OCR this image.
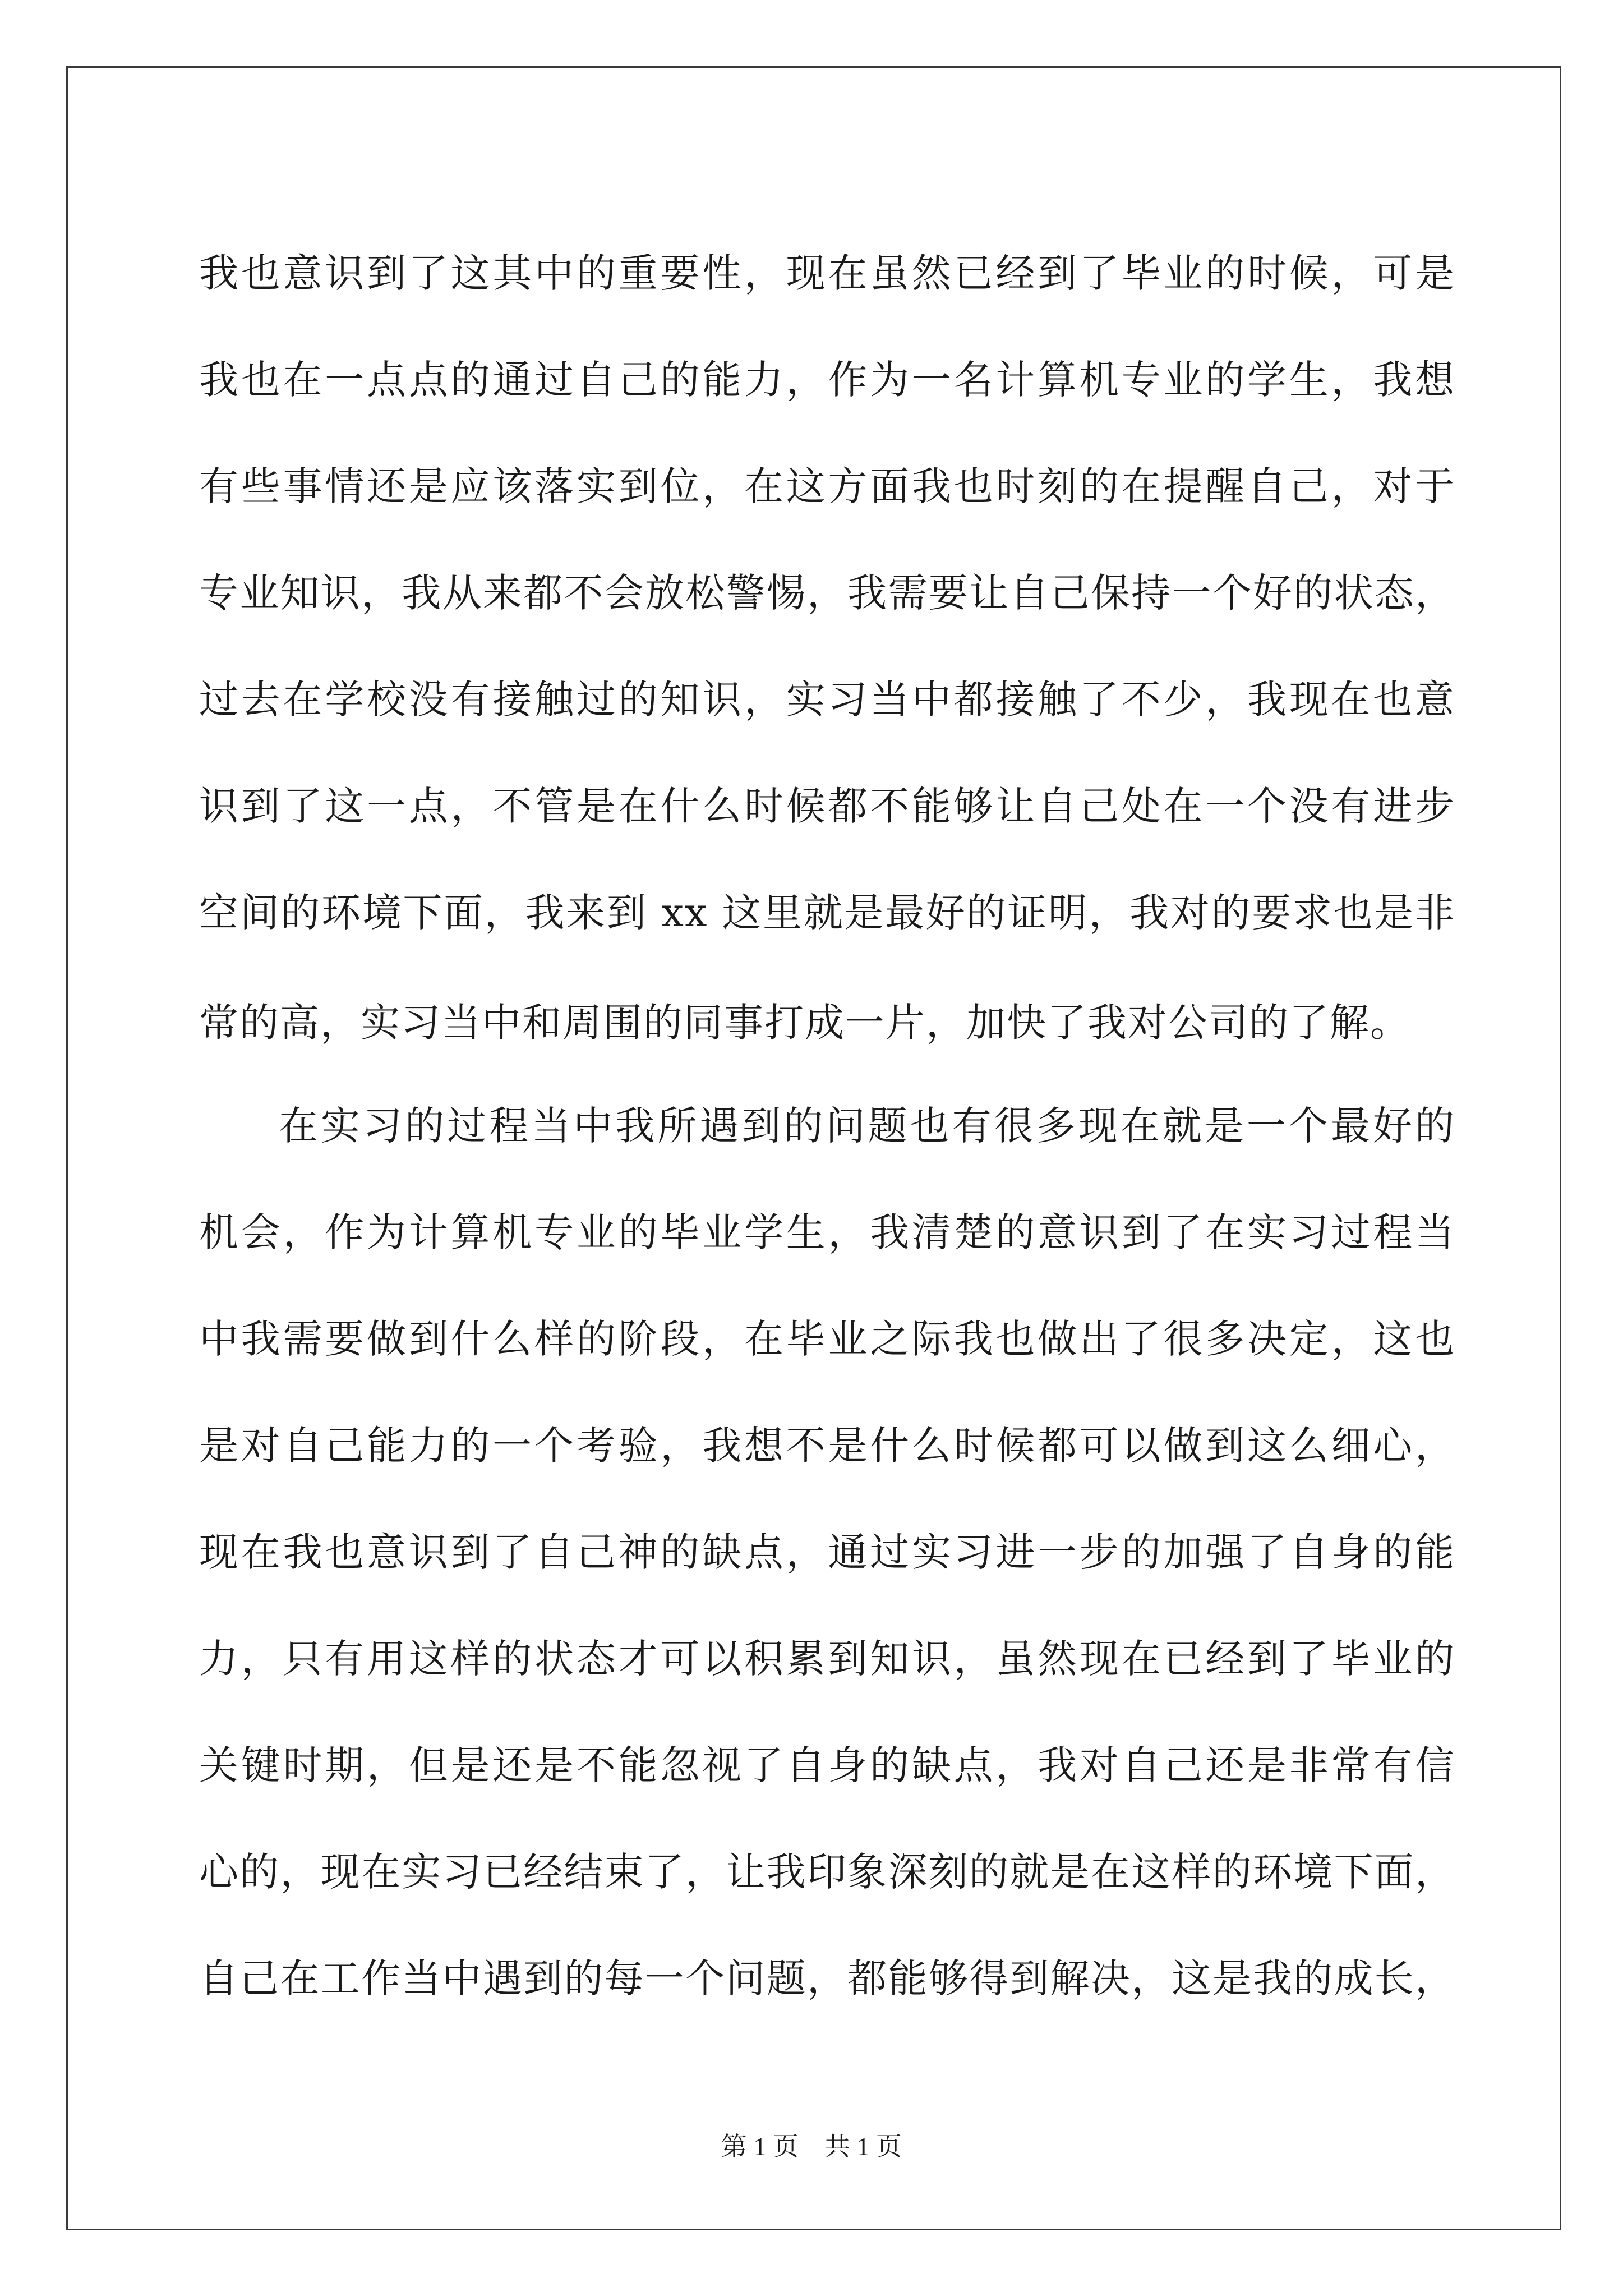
我也意识到了这其中的重要性，现在虽然已经到了毕业的时候，可是
我也在一点点的通过自己的能力，作为一名计算机专业的学生，我想
有些事情还是应该落实到位，在这方面我也时刻的在提醒自己，对于
专业知识，我从来都不会放松警惕，我需要让自己保持一个好的状态，
过去在学校没有接触过的知识，实习当中都接触了不少，我现在也意
识到了这一点，不管是在什么时候都不能够让自己处在一个没有进步
空间的环境下面，我来到 xx 这里就是最好的证明，我对的要求也是非
常的高，实习当中和周围的同事打成一片，加快了我对公司的了解。
在实习的过程当中我所遇到的问题也有很多现在就是一个最好的
机会，作为计算机专业的毕业学生，我清楚的意识到了在实习过程当
中我需要做到什么样的阶段，在毕业之际我也做出了很多决定，这也
是对自己能力的一个考验，我想不是什么时候都可以做到这么细心，
现在我也意识到了自己神的缺点，通过实习进一步的加强了自身的能
力，只有用这样的状态才可以积累到知识，虽然现在已经到了毕业的
关键时期，但是还是不能忽视了自身的缺点，我对自己还是非常有信
心的，现在实习已经结束了，让我印象深刻的就是在这样的环境下面，
自己在工作当中遇到的每一个问题，都能够得到解决，这是我的成长，
第 1 页　共 1 页
